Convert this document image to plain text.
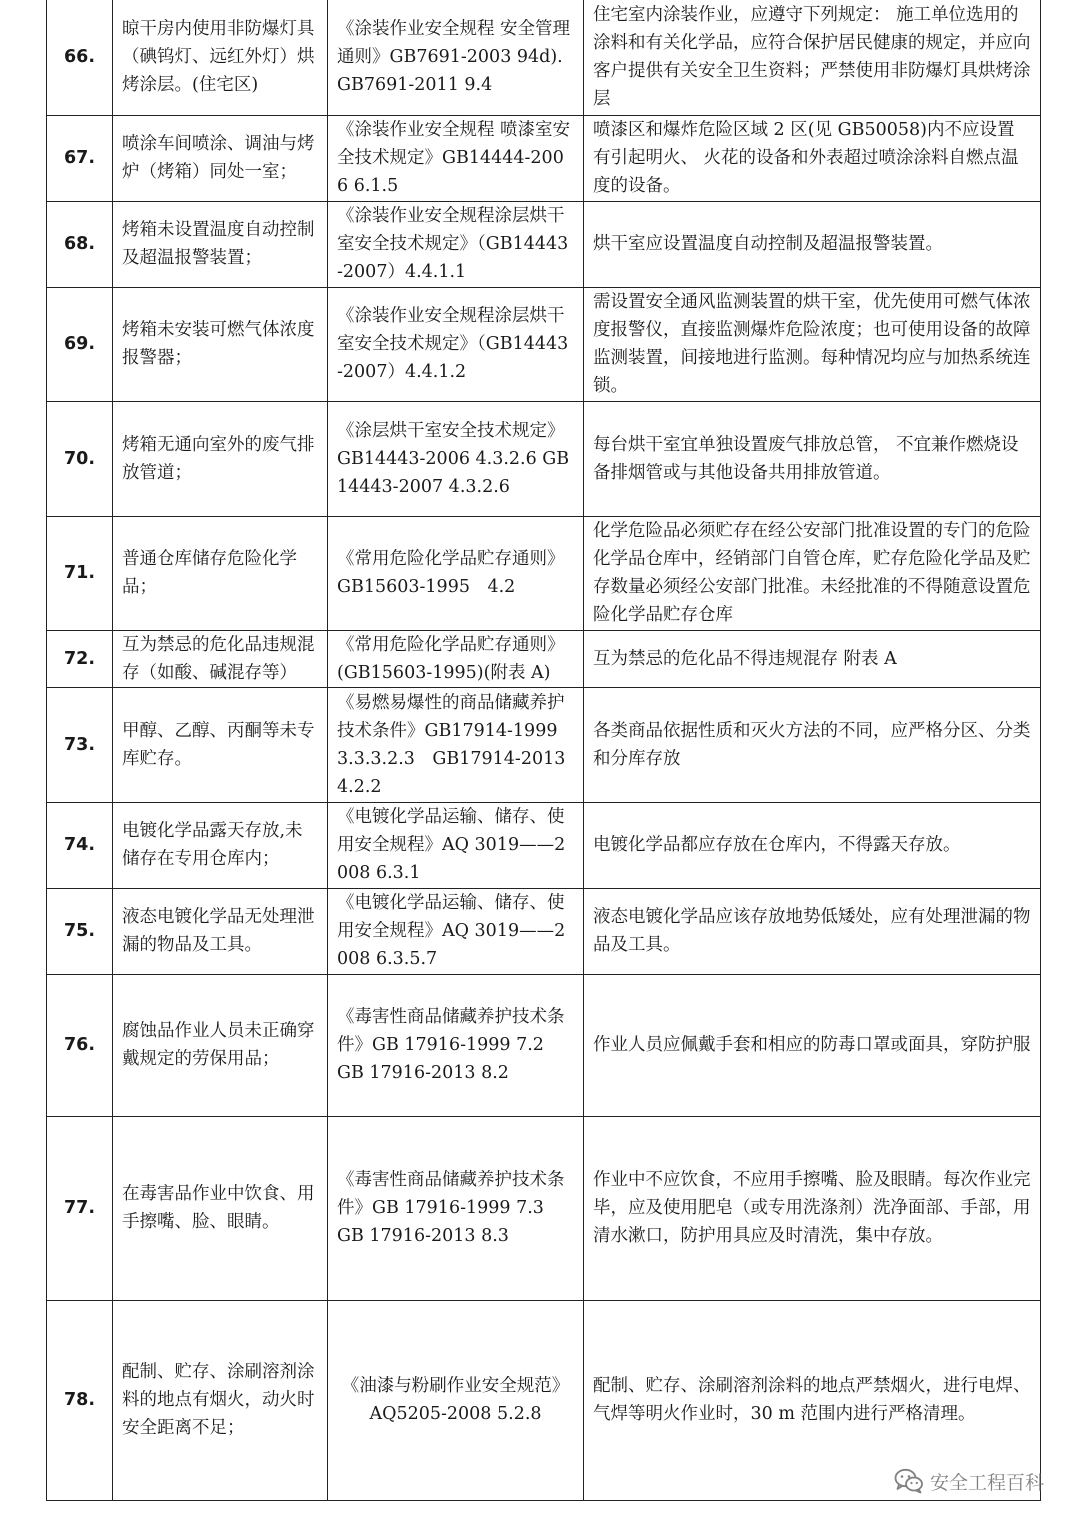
66.	晾干房内使用非防爆灯具（碘钨灯、远红外灯）烘烤涂层。(住宅区)	《涂装作业安全规程 安全管理通则》GB7691-2003 94d).GB7691-2011 9.4	住宅室内涂装作业，应遵守下列规定： 施工单位选用的涂料和有关化学品，应符合保护居民健康的规定，并应向客户提供有关安全卫生资料；严禁使用非防爆灯具烘烤涂层
67.	喷涂车间喷涂、调油与烤炉（烤箱）同处一室；	《涂装作业安全规程 喷漆室安全技术规定》GB14444-2006 6.1.5	喷漆区和爆炸危险区域 2 区(见 GB50058)内不应设置有引起明火、 火花的设备和外表超过喷涂涂料自燃点温度的设备。
68.	烤箱未设置温度自动控制及超温报警装置；	《涂装作业安全规程涂层烘干室安全技术规定》（GB14443-2007）4.4.1.1	烘干室应设置温度自动控制及超温报警装置。
69.	烤箱未安装可燃气体浓度报警器；	《涂装作业安全规程涂层烘干室安全技术规定》（GB14443-2007）4.4.1.2	需设置安全通风监测装置的烘干室，优先使用可燃气体浓度报警仪，直接监测爆炸危险浓度；也可使用设备的故障监测装置，间接地进行监测。每种情况均应与加热系统连锁。
70.	烤箱无通向室外的废气排放管道；	《涂层烘干室安全技术规定》 GB14443-2006 4.3.2.6 GB14443-2007 4.3.2.6	每台烘干室宜单独设置废气排放总管， 不宜兼作燃烧设备排烟管或与其他设备共用排放管道。
71.	普通仓库储存危险化学品；	《常用危险化学品贮存通则》GB15603-1995　4.2	化学危险品必须贮存在经公安部门批准设置的专门的危险化学品仓库中，经销部门自管仓库，贮存危险化学品及贮存数量必须经公安部门批准。未经批准的不得随意设置危险化学品贮存仓库
72.	互为禁忌的危化品违规混存（如酸、碱混存等）	《常用危险化学品贮存通则》(GB15603-1995)(附表 A)	互为禁忌的危化品不得违规混存 附表 A
73.	甲醇、乙醇、丙酮等未专库贮存。	《易燃易爆性的商品储藏养护技术条件》GB17914-1999 3.3.3.2.3　GB17914-2013 4.2.2	各类商品依据性质和灭火方法的不同，应严格分区、分类和分库存放
74.	电镀化学品露天存放,未储存在专用仓库内；	《电镀化学品运输、储存、使用安全规程》AQ 3019——2008 6.3.1	电镀化学品都应存放在仓库内，不得露天存放。
75.	液态电镀化学品无处理泄漏的物品及工具。	《电镀化学品运输、储存、使用安全规程》AQ 3019——2008 6.3.5.7	液态电镀化学品应该存放地势低矮处，应有处理泄漏的物品及工具。
76.	腐蚀品作业人员未正确穿戴规定的劳保用品；	《毒害性商品储藏养护技术条件》GB 17916-1999 7.2　GB 17916-2013 8.2	作业人员应佩戴手套和相应的防毒口罩或面具，穿防护服
77.	在毒害品作业中饮食、用手擦嘴、脸、眼睛。	《毒害性商品储藏养护技术条件》GB 17916-1999 7.3　GB 17916-2013 8.3	作业中不应饮食，不应用手擦嘴、脸及眼睛。每次作业完毕，应及使用肥皂（或专用洗涤剂）洗净面部、手部，用清水漱口，防护用具应及时清洗，集中存放。
78.	配制、贮存、涂刷溶剂涂料的地点有烟火，动火时安全距离不足；	《油漆与粉刷作业安全规范》AQ5205-2008 5.2.8	配制、贮存、涂刷溶剂涂料的地点严禁烟火，进行电焊、气焊等明火作业时，30 m 范围内进行严格清理。
安全工程百科
